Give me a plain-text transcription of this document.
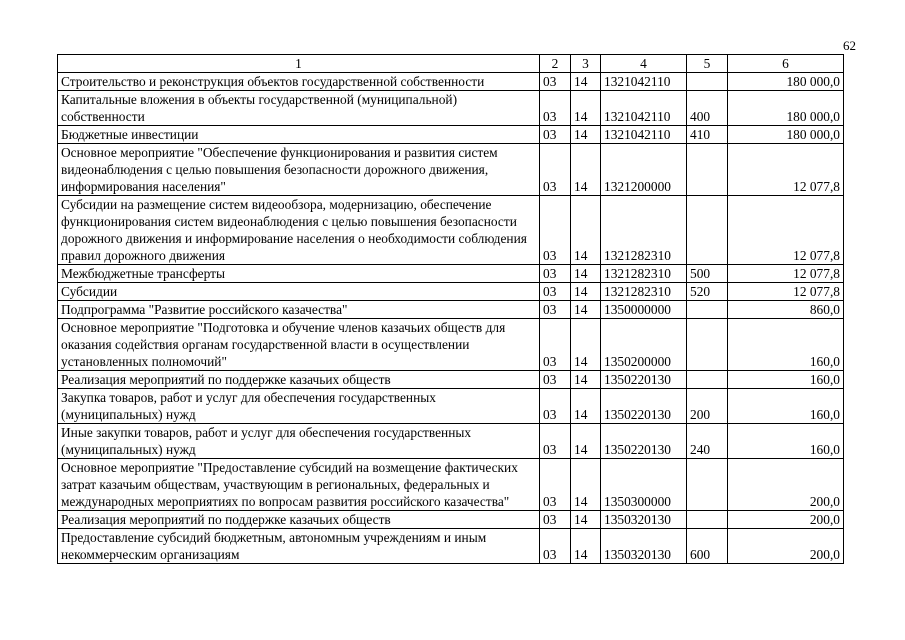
62
1	2	3	4	5	6
Строительство и реконструкция объектов государственной собственности	03	14	1321042110		180 000,0
Капитальные вложения в объекты государственной (муниципальной) собственности	03	14	1321042110	400	180 000,0
Бюджетные инвестиции	03	14	1321042110	410	180 000,0
Основное мероприятие "Обеспечение функционирования и развития систем видеонаблюдения с целью повышения безопасности дорожного движения, информирования населения"	03	14	1321200000		12 077,8
Субсидии на размещение систем видеообзора, модернизацию, обеспечение функционирования систем видеонаблюдения с целью повышения безопасности дорожного движения и информирование населения о необходимости соблюдения правил дорожного движения	03	14	1321282310		12 077,8
Межбюджетные трансферты	03	14	1321282310	500	12 077,8
Субсидии	03	14	1321282310	520	12 077,8
Подпрограмма "Развитие российского казачества"	03	14	1350000000		860,0
Основное мероприятие "Подготовка и обучение членов казачьих обществ для оказания содействия органам государственной власти в осуществлении установленных полномочий"	03	14	1350200000		160,0
Реализация мероприятий по поддержке казачьих обществ	03	14	1350220130		160,0
Закупка товаров, работ и услуг для обеспечения государственных (муниципальных) нужд	03	14	1350220130	200	160,0
Иные закупки товаров, работ и услуг для обеспечения государственных (муниципальных) нужд	03	14	1350220130	240	160,0
Основное мероприятие "Предоставление субсидий на возмещение фактических затрат казачьим обществам, участвующим в региональных, федеральных и международных мероприятиях по вопросам развития российского казачества"	03	14	1350300000		200,0
Реализация мероприятий по поддержке казачьих обществ	03	14	1350320130		200,0
Предоставление субсидий бюджетным, автономным учреждениям и иным некоммерческим организациям	03	14	1350320130	600	200,0
